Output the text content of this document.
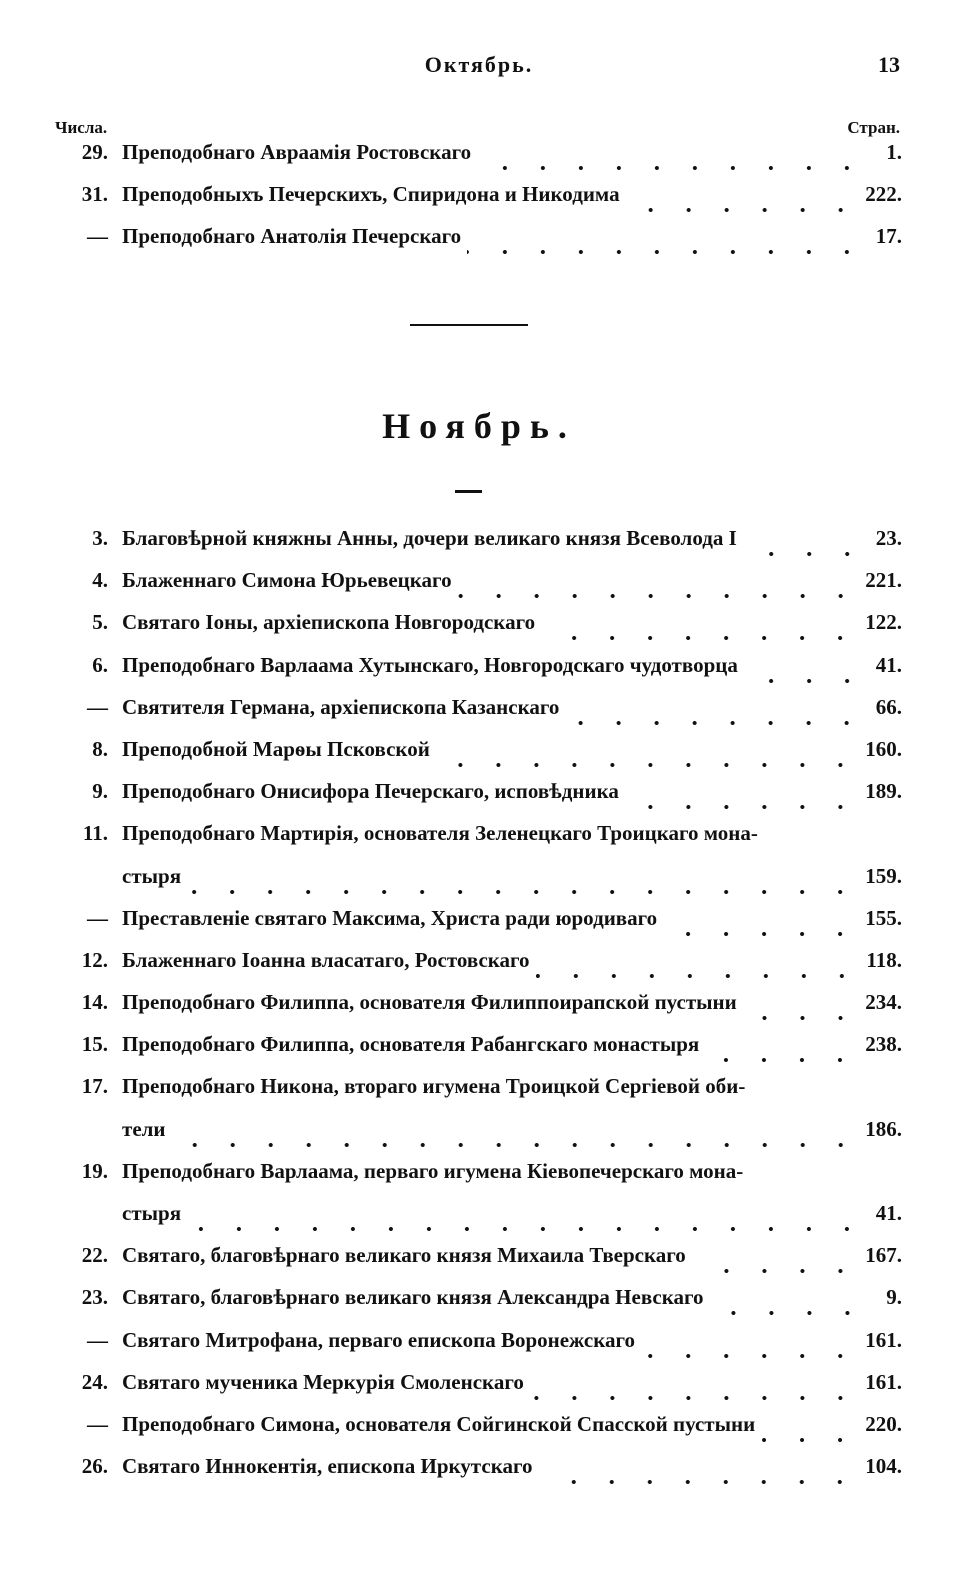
Октябрь.	13
Числа.	Стран.
29. Преподобнаго Авраамія Ростовскаго	1.
31. Преподобныхъ Печерскихъ, Спиридона и Никодима	222.
— Преподобнаго Анатолія Печерскаго	17.
Ноябрь.
3. Благовѣрной княжны Анны, дочери великаго князя Всеволода I	23.
4. Блаженнаго Симона Юрьевецкаго	221.
5. Святаго Іоны, архіепископа Новгородскаго	122.
6. Преподобнаго Варлаама Хутынскаго, Новгородскаго чудотворца	41.
— Святителя Германа, архіепископа Казанскаго	66.
8. Преподобной Марѳы Псковской	160.
9. Преподобнаго Онисифора Печерскаго, исповѣдника	189.
11. Преподобнаго Мартирія, основателя Зеленецкаго Троицкаго мона-
стыря	159.
— Преставленіе святаго Максима, Христа ради юродиваго	155.
12. Блаженнаго Іоанна власатаго, Ростовскаго	118.
14. Преподобнаго Филиппа, основателя Филиппоирапской пустыни	234.
15. Преподобнаго Филиппа, основателя Рабангскаго монастыря	238.
17. Преподобнаго Никона, втораго игумена Троицкой Сергіевой оби-
тели	186.
19. Преподобнаго Варлаама, перваго игумена Кіевопечерскаго мона-
стыря	41.
22. Святаго, благовѣрнаго великаго князя Михаила Тверскаго	167.
23. Святаго, благовѣрнаго великаго князя Александра Невскаго	9.
— Святаго Митрофана, перваго епископа Воронежскаго	161.
24. Святаго мученика Меркурія Смоленскаго	161.
— Преподобнаго Симона, основателя Сойгинской Спасской пустыни	220.
26. Святаго Иннокентія, епископа Иркутскаго	104.
